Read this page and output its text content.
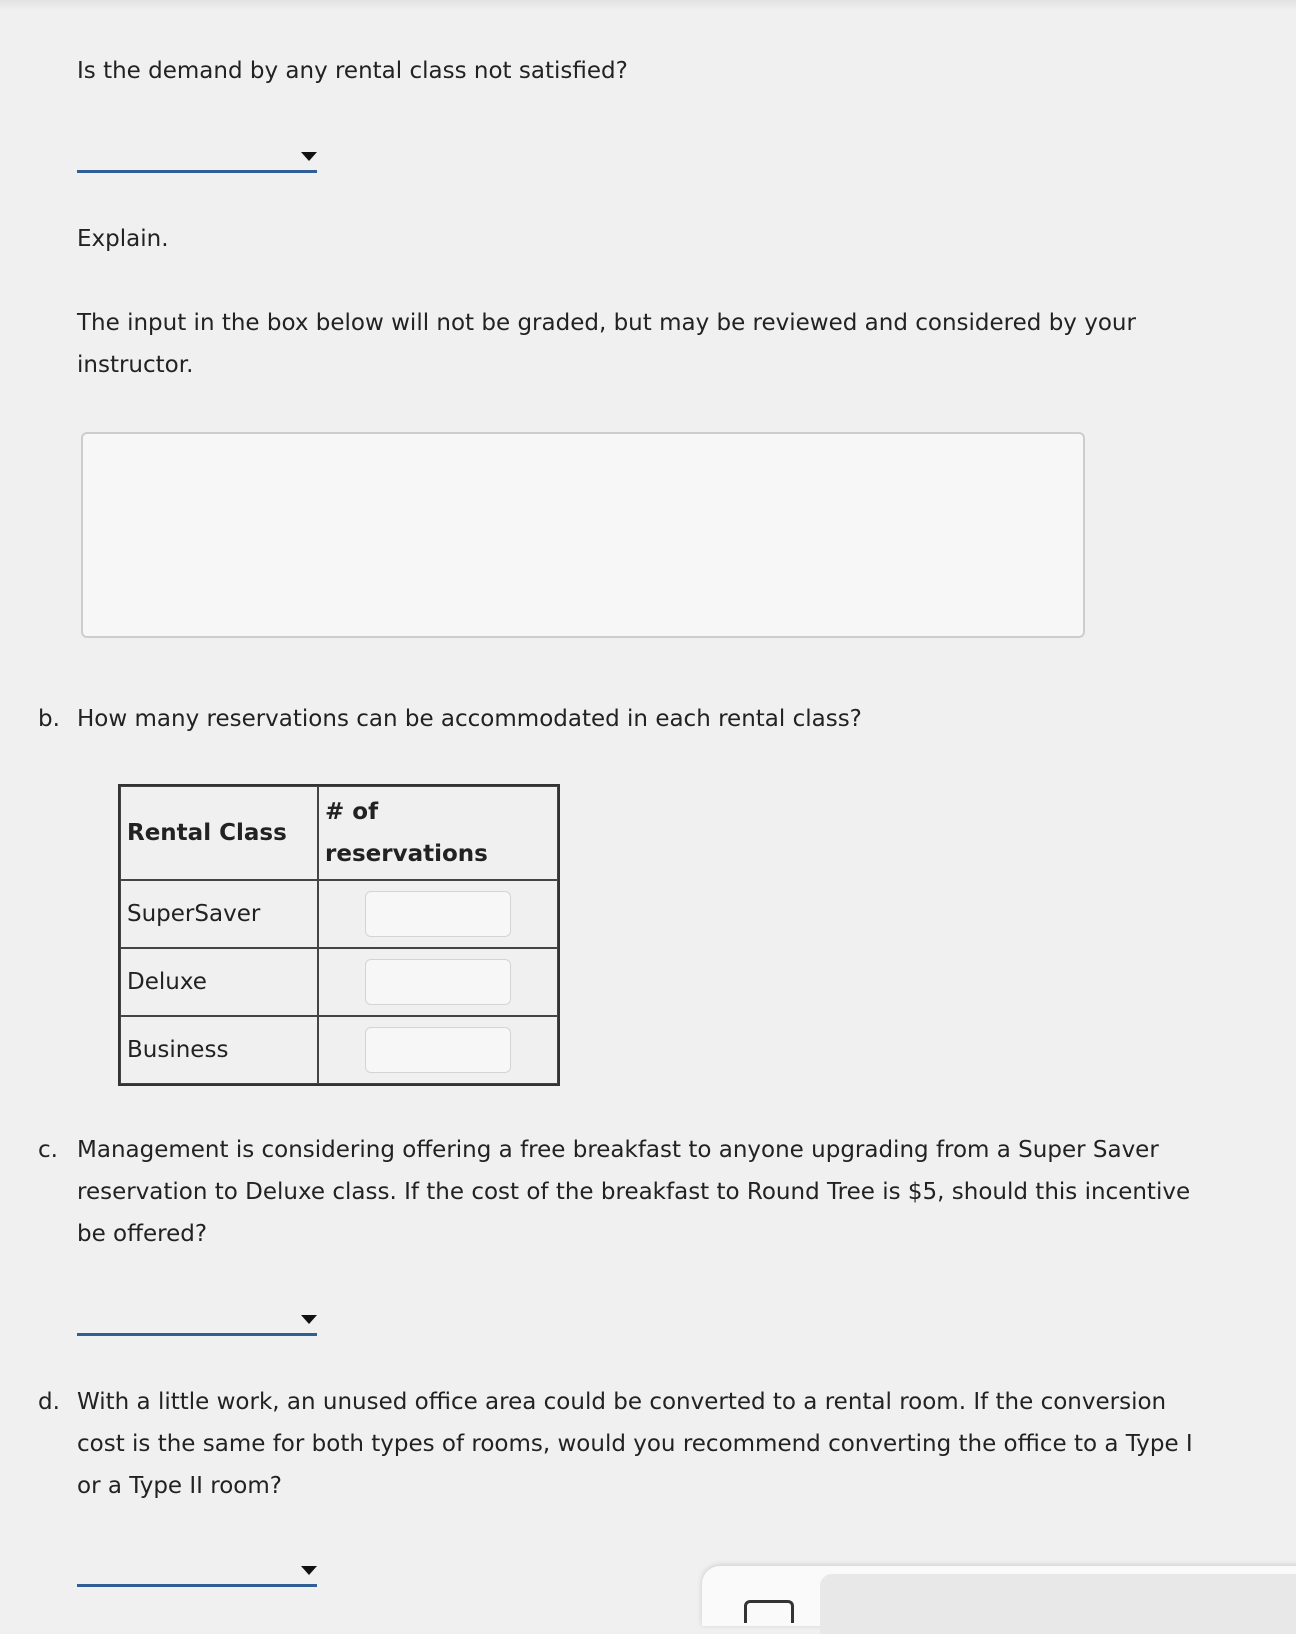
Is the demand by any rental class not satisfied?

Explain.

The input in the box below will not be graded, but may be reviewed and considered by your

instructor.

b. How many reservations can be accommodated in each rental class?

Rental Class	# of
reservations
SuperSaver	

Deluxe	

Business	
c. Management is considering offering a free breakfast to anyone upgrading from a Super Saver

reservation to Deluxe class. If the cost of the breakfast to Round Tree is $5, should this incentive

be offered?

d. With a little work, an unused office area could be converted to a rental room. If the conversion

cost is the same for both types of rooms, would you recommend converting the office to a Type I

or a Type II room?
